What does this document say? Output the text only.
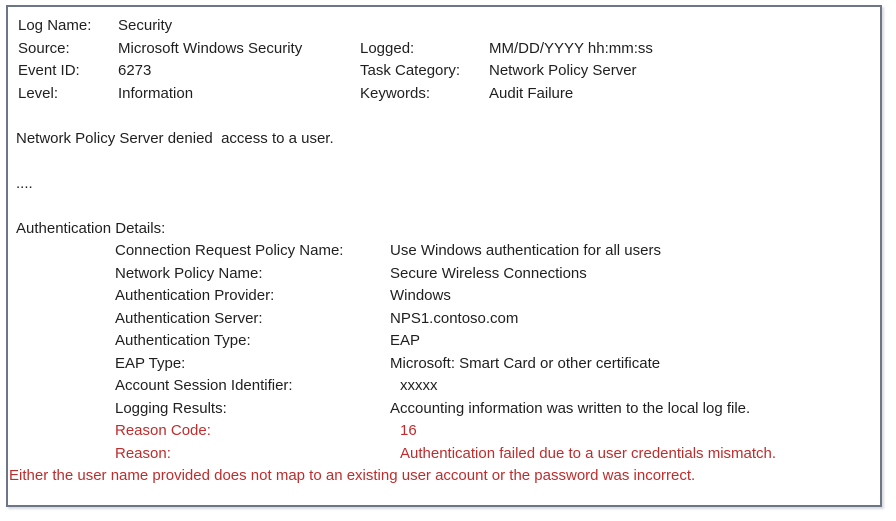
Log Name: Security
Source:	Microsoft Windows Security	Logged:	MM/DD/YYYY hh:mm:ss
Event ID:	6273	Task Category: Network Policy Server
Level:	Information	Keywords:	Audit Failure
Network Policy Server denied  access to a user.
....
Authentication Details:
Connection Request Policy Name:	Use Windows authentication for all users
Network Policy Name:	Secure Wireless Connections
Authentication Provider:	Windows
Authentication Server:	NPS1.contoso.com
Authentication Type:	EAP
EAP Type:	Microsoft: Smart Card or other certificate
Account Session Identifier:	xxxxx
Logging Results:	Accounting information was written to the local log file.
Reason Code:	16
Reason:	Authentication failed due to a user credentials mismatch.
Either the user name provided does not map to an existing user account or the password was incorrect.
